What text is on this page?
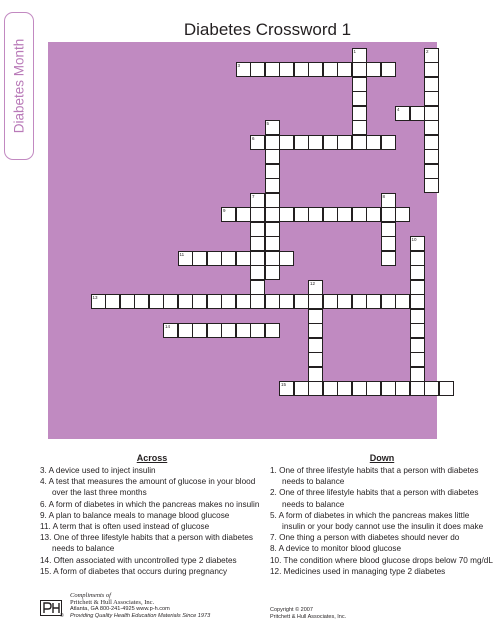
Diabetes Month
Diabetes Crossword 1
1	2
3
4
5
6
7	8
9
10
11
12
13
14
15
Across
3. A device used to inject insulin
4. A test that measures the amount of glucose in your blood over the last three months
6. A form of diabetes in which the pancreas makes no insulin
9. A plan to balance meals to manage blood glucose
11. A term that is often used instead of glucose
13. One of three lifestyle habits that a person with diabetes needs to balance
14. Often associated with uncontrolled type 2 diabetes
15. A form of diabetes that occurs during pregnancy
Down
1. One of three lifestyle habits that a person with diabetes needs to balance
2. One of three lifestyle habits that a person with diabetes needs to balance
5. A form of diabetes in which the pancreas makes little insulin or your body cannot use the insulin it does make
7. One thing a person with diabetes should never do
8. A device to monitor blood glucose
10. The condition where blood glucose drops below 70 mg/dL
12. Medicines used in managing type 2 diabetes
®
Compliments of
Pritchett & Hull Associates, Inc.
Atlanta, GA 800-241-4925 www.p-h.com
Providing Quality Health Education Materials Since 1973
Copyright © 2007
Pritchett & Hull Associates, Inc.
